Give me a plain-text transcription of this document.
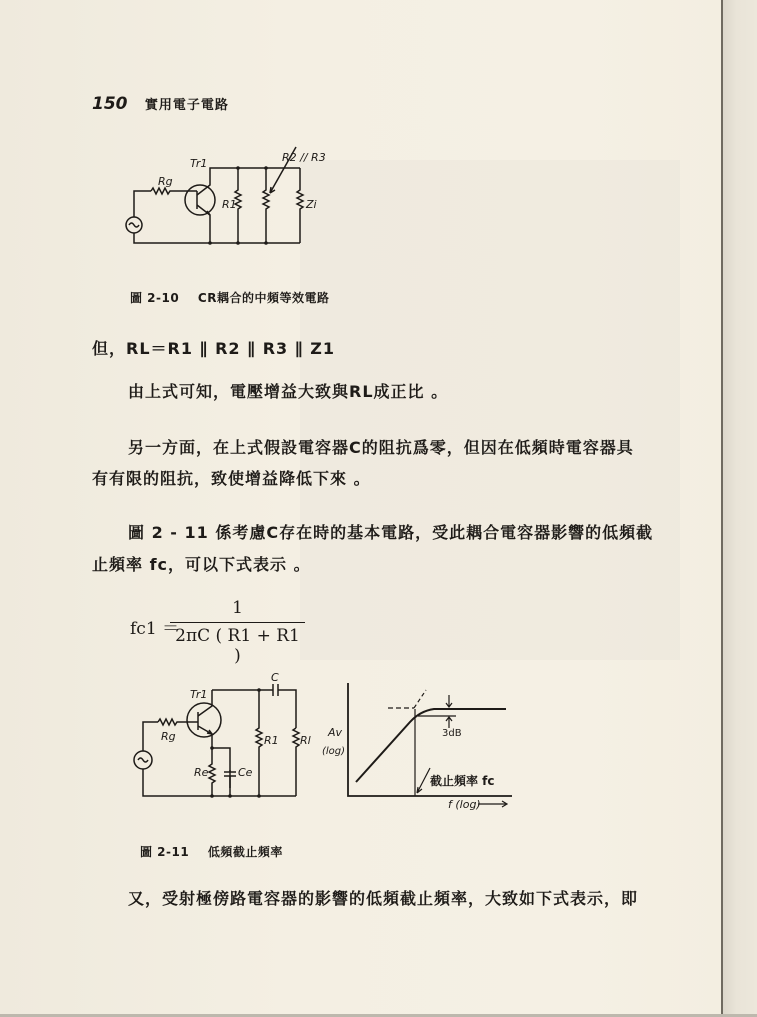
150 實用電子電路
Tr1
Rg
R1
R2 // R3
Zi
圖 2-10 CR耦合的中頻等效電路
但，RL＝R1 ∥ R2 ∥ R3 ∥ Z1
由上式可知，電壓增益大致與RL成正比 。
另一方面，在上式假設電容器C的阻抗爲零，但因在低頻時電容器具
有有限的阻抗，致使增益降低下來 。
圖 2 - 11 係考慮C存在時的基本電路，受此耦合電容器影響的低頻截
止頻率 fc，可以下式表示 。
fc1 ＝
1
2πC ( R1 + R1 )
Tr1
Rg
C
R1 Rl
Re	Ce
Av
(log)
3dB
截止頻率 fc
f (log)
圖 2-11 低頻截止頻率
又，受射極傍路電容器的影響的低頻截止頻率，大致如下式表示，即
